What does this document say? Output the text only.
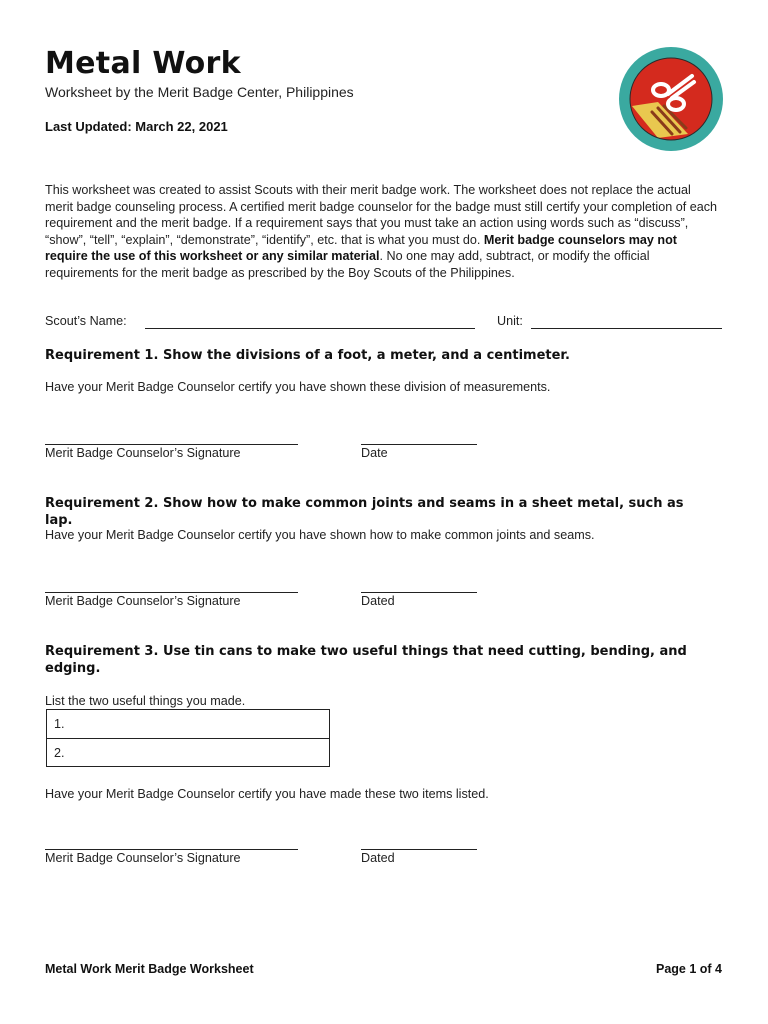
Metal Work
Worksheet by the Merit Badge Center, Philippines
Last Updated: March 22, 2021
This worksheet was created to assist Scouts with their merit badge work. The worksheet does not replace the actual merit badge counseling process. A certified merit badge counselor for the badge must still certify your completion of each requirement and the merit badge. If a requirement says that you must take an action using words such as “discuss”, “show”, “tell”, “explain”, “demonstrate”, “identify”, etc. that is what you must do. Merit badge counselors may not require the use of this worksheet or any similar material. No one may add, subtract, or modify the official requirements for the merit badge as prescribed by the Boy Scouts of the Philippines.
Scout’s Name:	Unit:
Requirement 1. Show the divisions of a foot, a meter, and a centimeter.
Have your Merit Badge Counselor certify you have shown these division of measurements.
Merit Badge Counselor’s Signature	Date
Requirement 2. Show how to make common joints and seams in a sheet metal, such as lap.
Have your Merit Badge Counselor certify you have shown how to make common joints and seams.
Merit Badge Counselor’s Signature	Dated
Requirement 3. Use tin cans to make two useful things that need cutting, bending, and edging.
List the two useful things you made.
1.
2.
Have your Merit Badge Counselor certify you have made these two items listed.
Merit Badge Counselor’s Signature	Dated
Metal Work Merit Badge Worksheet	Page 1 of 4
